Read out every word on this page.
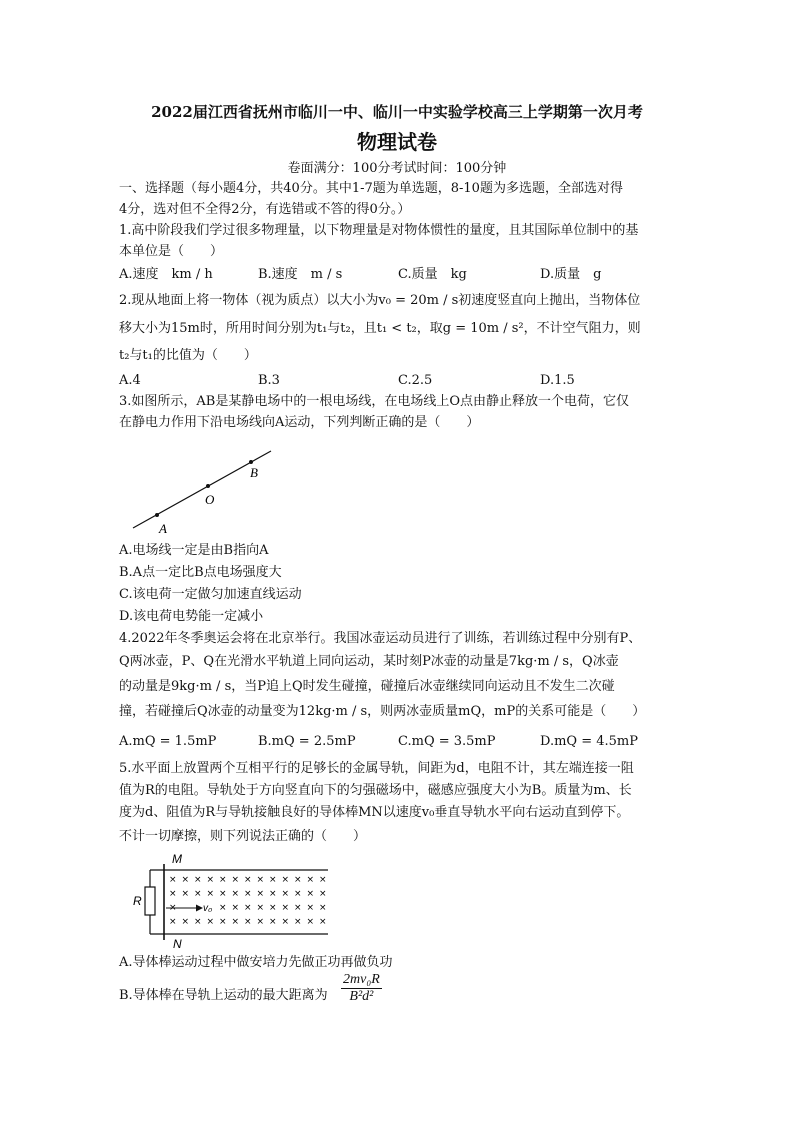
2022届江西省抚州市临川一中、临川一中实验学校高三上学期第一次月考
物理试卷
卷面满分：100分考试时间：100分钟
一、选择题（每小题4分，共40分。其中1-7题为单选题，8-10题为多选题，全部选对得
4分，选对但不全得2分，有选错或不答的得0分。）
1.高中阶段我们学过很多物理量，以下物理量是对物体惯性的量度，且其国际单位制中的基
本单位是（　　）
A.速度　km / h	B.速度　m / s	C.质量　kg	D.质量　g
2.现从地面上将一物体（视为质点）以大小为v₀ = 20m / s初速度竖直向上抛出，当物体位
移大小为15m时，所用时间分别为t₁与t₂，且t₁ < t₂，取g = 10m / s²，不计空气阻力，则
t₂与t₁的比值为（　　）
A.4	B.3	C.2.5	D.1.5
3.如图所示，AB是某静电场中的一根电场线，在电场线上O点由静止释放一个电荷，它仅
在静电力作用下沿电场线向A运动，下列判断正确的是（　　）
A
O
B
A.电场线一定是由B指向A
B.A点一定比B点电场强度大
C.该电荷一定做匀加速直线运动
D.该电荷电势能一定减小
4.2022年冬季奥运会将在北京举行。我国冰壶运动员进行了训练，若训练过程中分别有P、
Q两冰壶，P、Q在光滑水平轨道上同向运动，某时刻P冰壶的动量是7kg·m / s，Q冰壶
的动量是9kg·m / s，当P追上Q时发生碰撞，碰撞后冰壶继续同向运动且不发生二次碰
撞，若碰撞后Q冰壶的动量变为12kg·m / s，则两冰壶质量mQ，mP的关系可能是（　　）
A.mQ = 1.5mP	B.mQ = 2.5mP	C.mQ = 3.5mP	D.mQ = 4.5mP
5.水平面上放置两个互相平行的足够长的金属导轨，间距为d，电阻不计，其左端连接一阻
值为R的电阻。导轨处于方向竖直向下的匀强磁场中，磁感应强度大小为B。质量为m、长
度为d、阻值为R与导轨接触良好的导体棒MN以速度v₀垂直导轨水平向右运动直到停下。
不计一切摩擦，则下列说法正确的（　　）
R
M
N
v₀
× × × × × × × × × × × × ×
× × × × × × × × × × × × ×
×	× × × × × × × × ×
× × × × × × × × × × × × ×
A.导体棒运动过程中做安培力先做正功再做负功
B.导体棒在导轨上运动的最大距离为 $\frac{\text{2mv₀R}}{\text{B²d²}}$
